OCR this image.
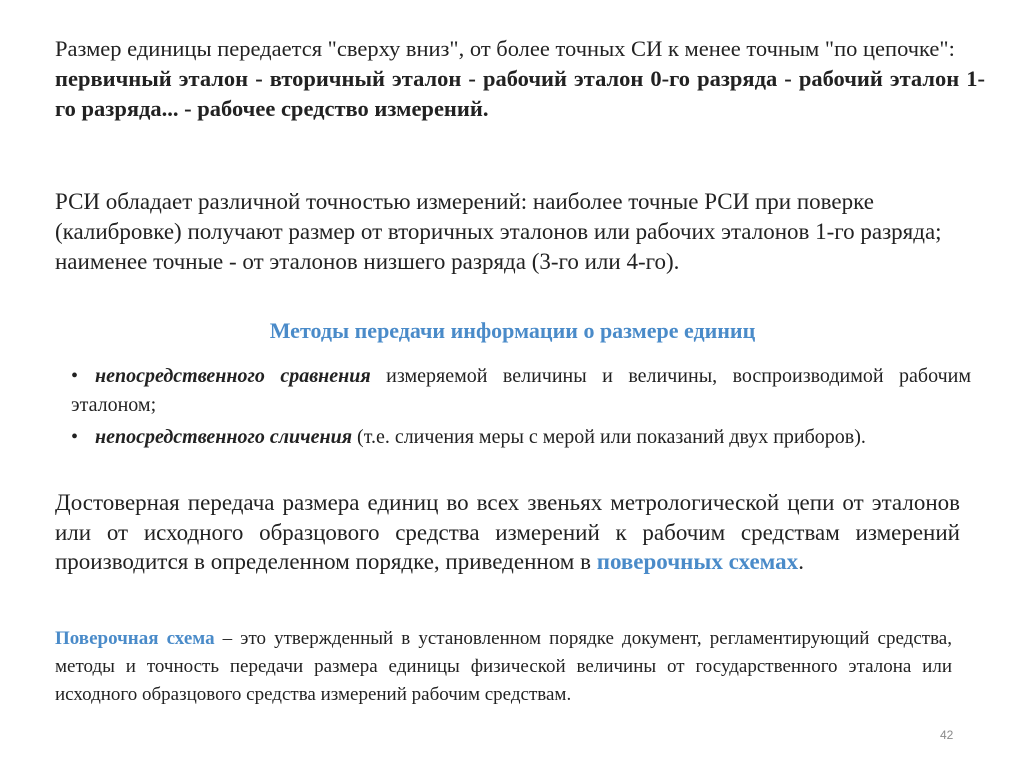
Размер единицы передается "сверху вниз", от более точных СИ к менее точным "по цепочке":
первичный эталон - вторичный эталон - рабочий эталон 0-го разряда - рабочий эталон 1-го разряда... - рабочее средство измерений.

РСИ обладает различной точностью измерений: наиболее точные РСИ при поверке (калибровке) получают размер от вторичных эталонов или рабочих эталонов 1-го разряда; наименее точные - от эталонов низшего разряда (3-го или 4-го).

Методы передачи информации о размере единиц
• непосредственного сравнения измеряемой величины и величины, воспроизводимой рабочим эталоном;
• непосредственного сличения (т.е. сличения меры с мерой или показаний двух приборов).

Достоверная передача размера единиц во всех звеньях метрологической цепи от эталонов или от исходного образцового средства измерений к рабочим средствам измерений производится в определенном порядке, приведенном в поверочных схемах.

Поверочная схема – это утвержденный в установленном порядке документ, регламентирующий средства, методы и точность передачи размера единицы физической величины от государственного эталона или исходного образцового средства измерений рабочим средствам.

42
